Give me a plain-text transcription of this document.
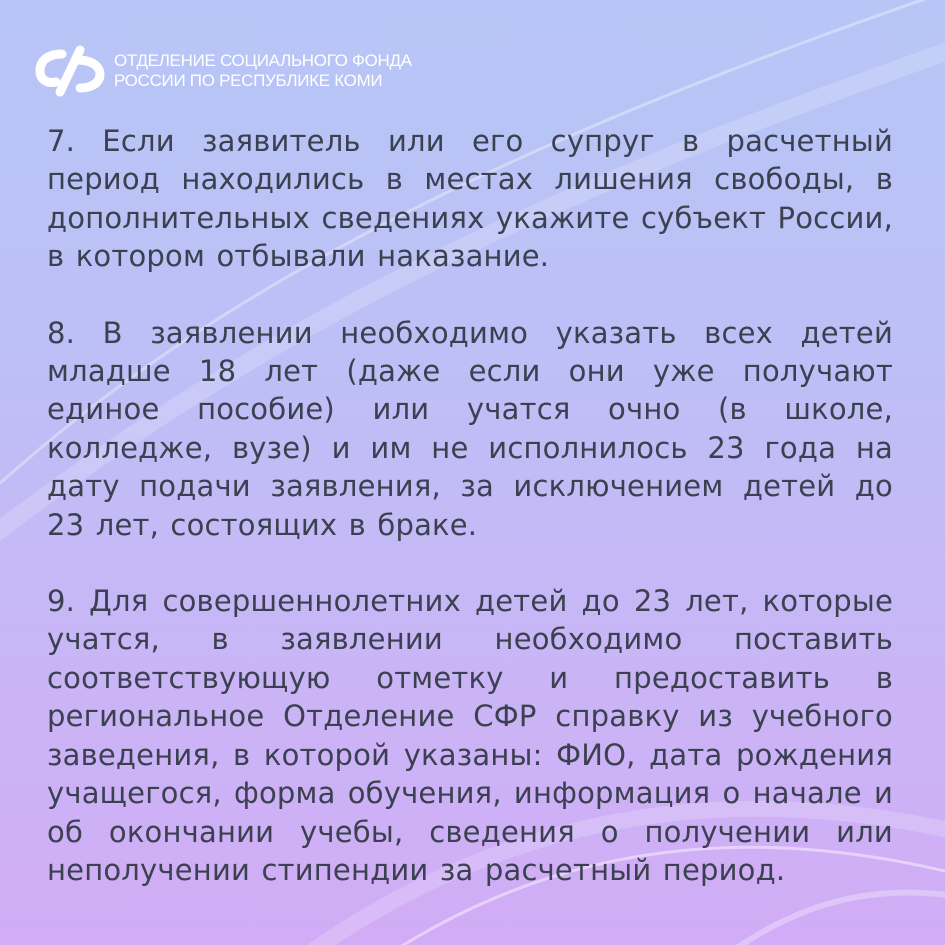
ОТДЕЛЕНИЕ СОЦИАЛЬНОГО ФОНДА
РОССИИ ПО РЕСПУБЛИКЕ КОМИ

7. Если заявитель или его супруг в расчетный период находились в местах лишения свободы, в дополнительных сведениях укажите субъект России, в котором отбывали наказание.

8. В заявлении необходимо указать всех детей младше 18 лет (даже если они уже получают единое пособие) или учатся очно (в школе, колледже, вузе) и им не исполнилось 23 года на дату подачи заявления, за исключением детей до 23 лет, состоящих в браке.

9. Для совершеннолетних детей до 23 лет, которые учатся, в заявлении необходимо поставить соответствующую отметку и предоставить в региональное Отделение СФР справку из учебного заведения, в которой указаны: ФИО, дата рождения учащегося, форма обучения, информация о начале и об окончании учебы, сведения о получении или неполучении стипендии за расчетный период.
